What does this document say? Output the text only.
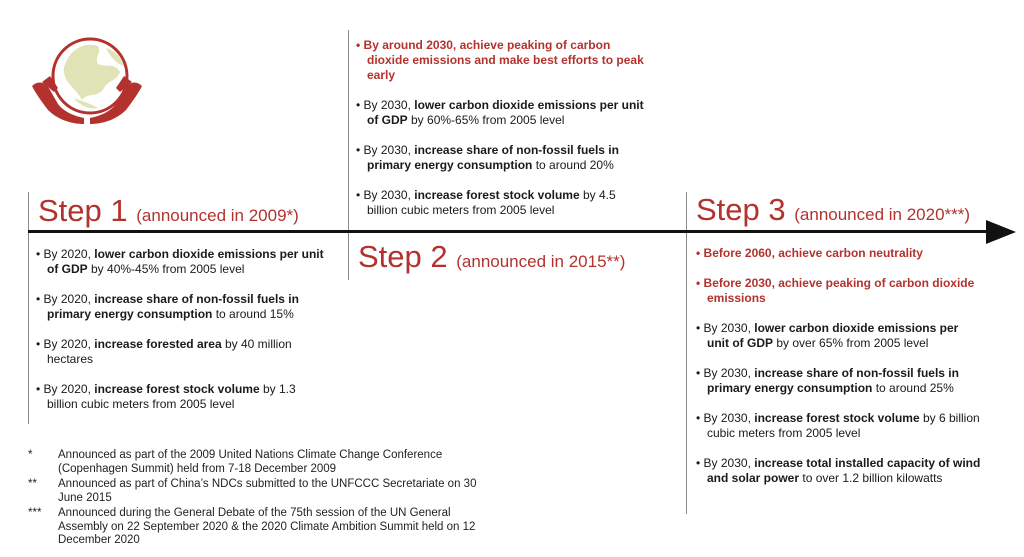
Step 1 (announced in 2009*)
Step 2 (announced in 2015**)
Step 3 (announced in 2020***)
• By 2020, lower carbon dioxide emissions per unit of GDP by 40%-45% from 2005 level
• By 2020, increase share of non-fossil fuels in primary energy consumption to around 15%
• By 2020, increase forested area by 40 million hectares
• By 2020, increase forest stock volume by 1.3 billion cubic meters from 2005 level
• By around 2030, achieve peaking of carbon dioxide emissions and make best efforts to peak early
• By 2030, lower carbon dioxide emissions per unit of GDP by 60%-65% from 2005 level
• By 2030, increase share of non-fossil fuels in primary energy consumption to around 20%
• By 2030, increase forest stock volume by 4.5 billion cubic meters from 2005 level
• Before 2060, achieve carbon neutrality
• Before 2030, achieve peaking of carbon dioxide emissions
• By 2030, lower carbon dioxide emissions per unit of GDP by over 65% from 2005 level
• By 2030, increase share of non-fossil fuels in primary energy consumption to around 25%
• By 2030, increase forest stock volume by 6 billion cubic meters from 2005 level
• By 2030, increase total installed capacity of wind and solar power to over 1.2 billion kilowatts
*	Announced as part of the 2009 United Nations Climate Change Conference (Copenhagen Summit) held from 7-18 December 2009
**	Announced as part of China’s NDCs submitted to the UNFCCC Secretariate on 30 June 2015
***	Announced during the General Debate of the 75th session of the UN General Assembly on 22 September 2020 & the 2020 Climate Ambition Summit held on 12 December 2020
